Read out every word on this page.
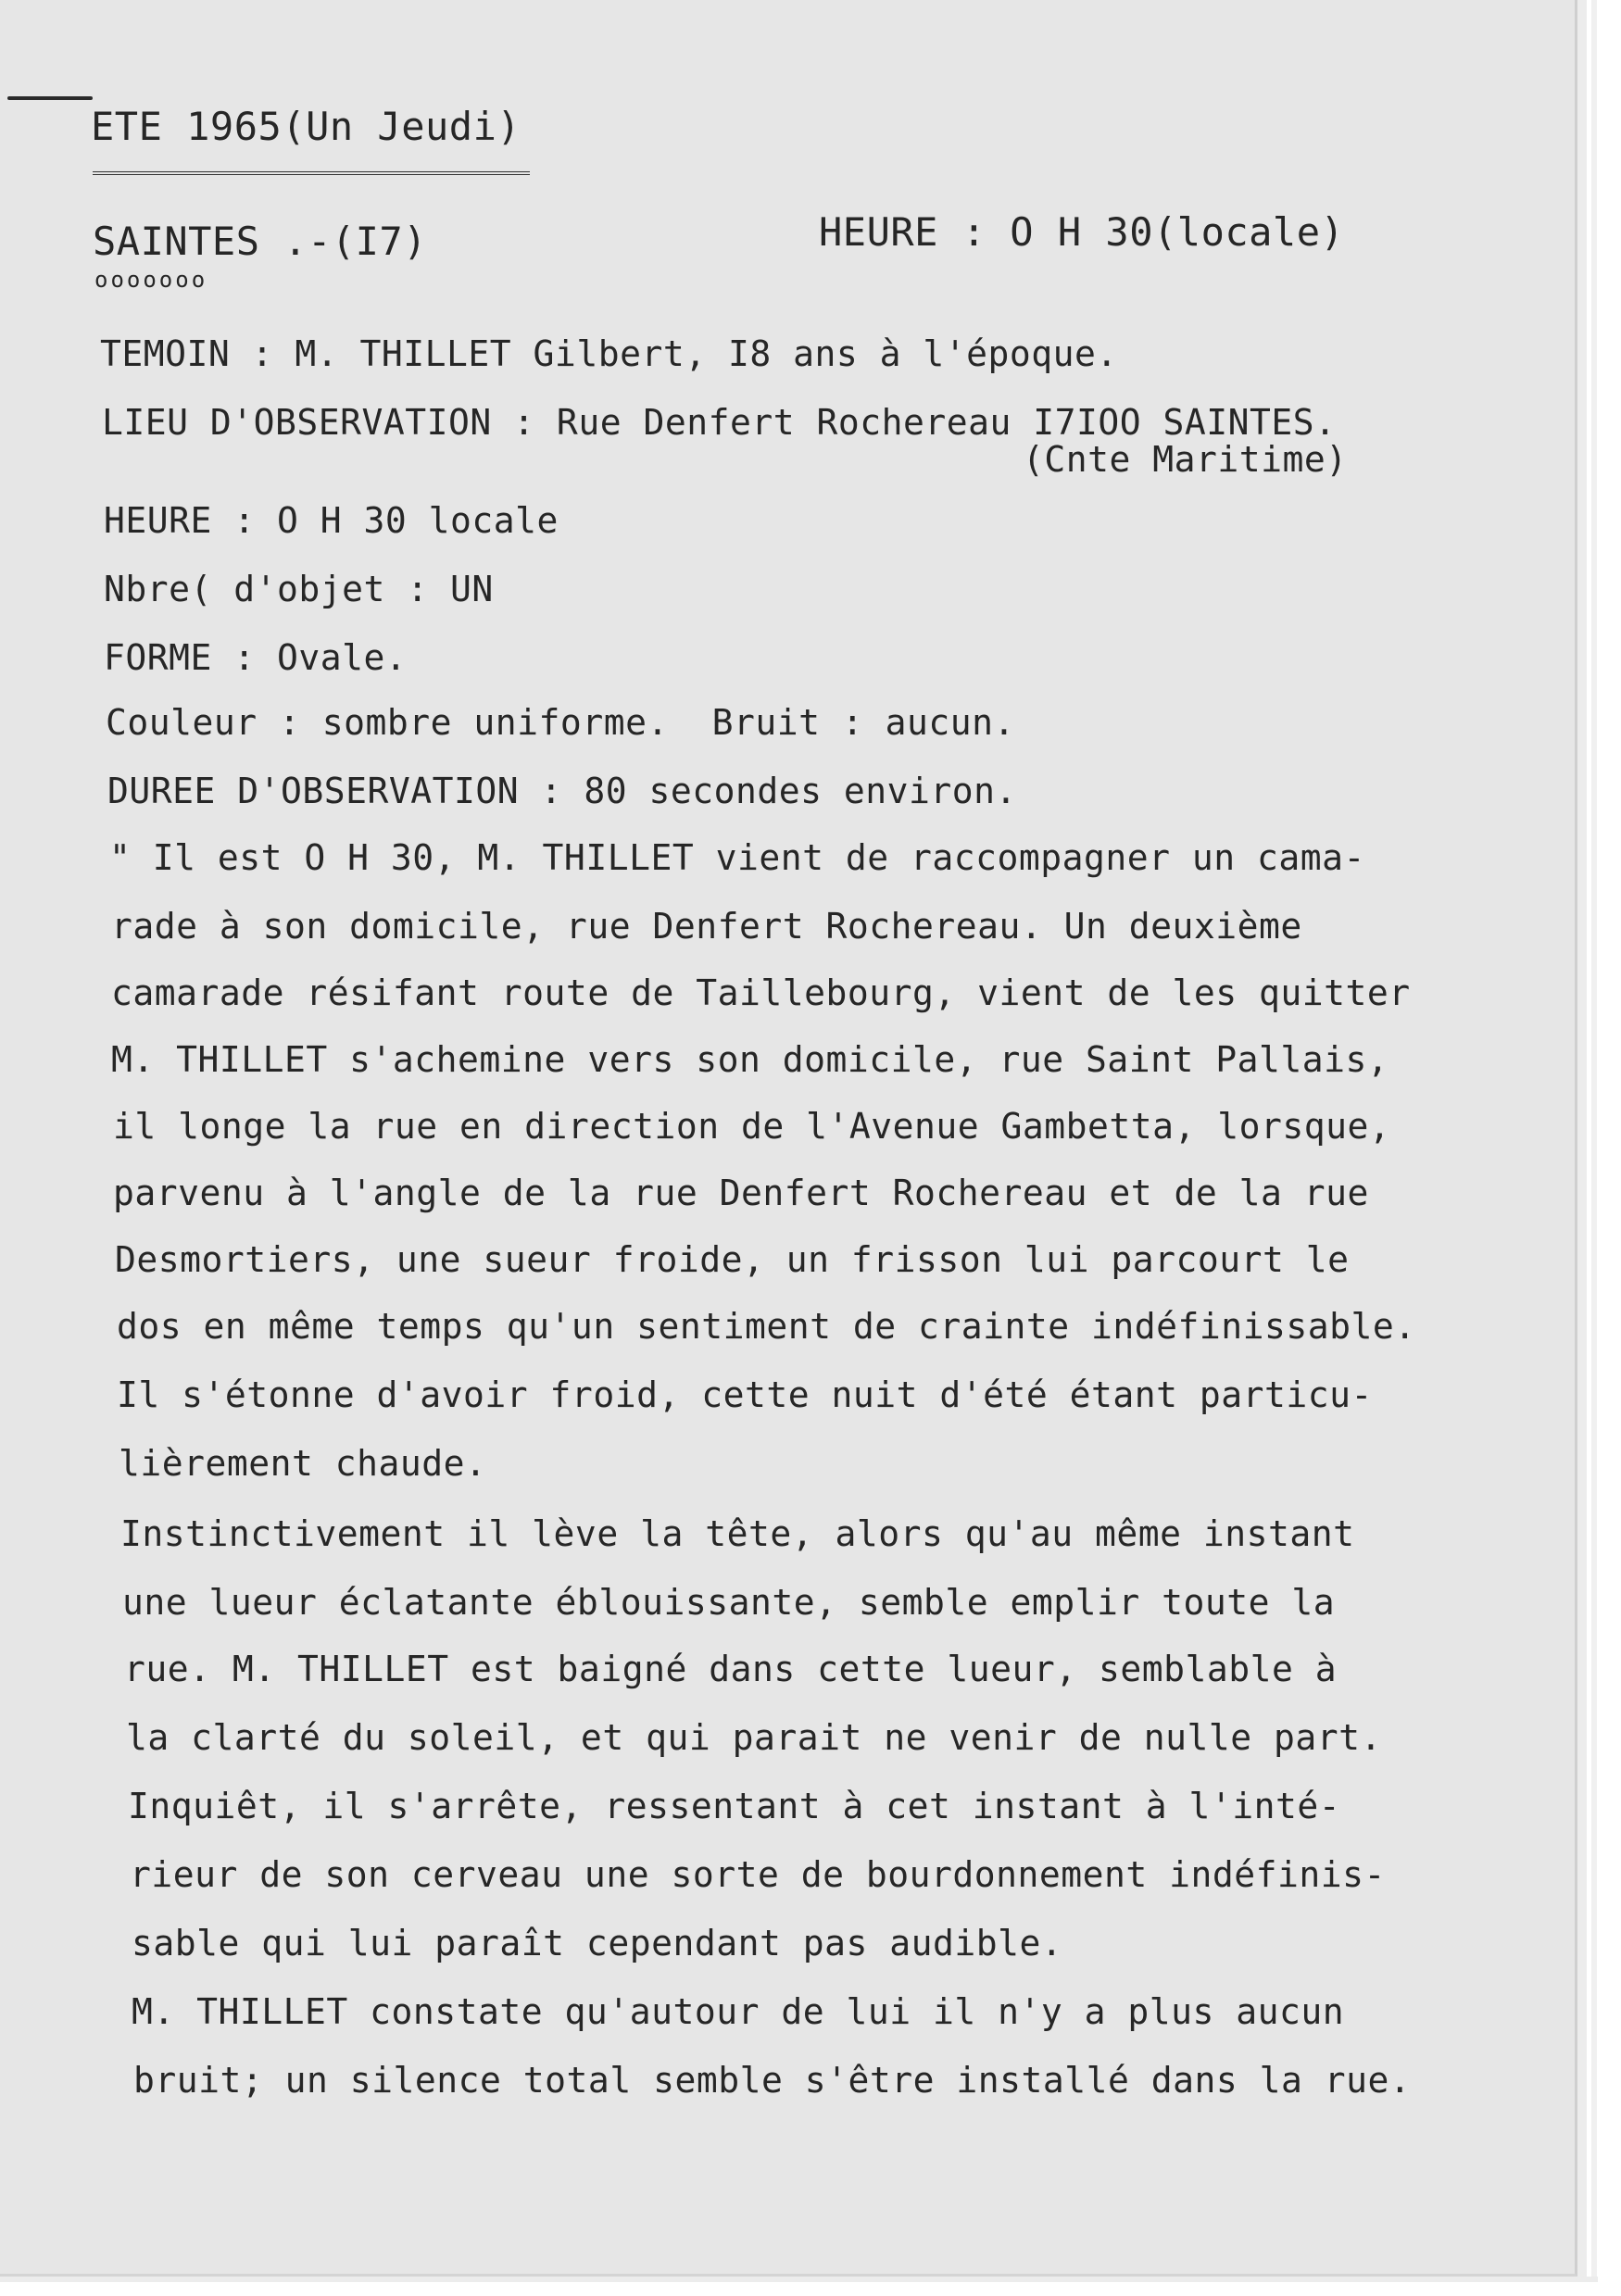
ETE 1965(Un Jeudi)
SAINTES .-(I7)
ooooooo
HEURE : O H 30(locale)
TEMOIN : M. THILLET Gilbert, I8 ans à l'époque.
LIEU D'OBSERVATION : Rue Denfert Rochereau I7IOO SAINTES.
(Cnte Maritime)
HEURE : O H 30 locale
Nbre( d'objet : UN
FORME : Ovale.
Couleur : sombre uniforme.  Bruit : aucun.
DUREE D'OBSERVATION : 80 secondes environ.
" Il est O H 30, M. THILLET vient de raccompagner un cama-
rade à son domicile, rue Denfert Rochereau. Un deuxième
camarade résifant route de Taillebourg, vient de les quitter
M. THILLET s'achemine vers son domicile, rue Saint Pallais,
il longe la rue en direction de l'Avenue Gambetta, lorsque,
parvenu à l'angle de la rue Denfert Rochereau et de la rue
Desmortiers, une sueur froide, un frisson lui parcourt le
dos en même temps qu'un sentiment de crainte indéfinissable.
Il s'étonne d'avoir froid, cette nuit d'été étant particu-
lièrement chaude.
Instinctivement il lève la tête, alors qu'au même instant
une lueur éclatante éblouissante, semble emplir toute la
rue. M. THILLET est baigné dans cette lueur, semblable à
la clarté du soleil, et qui parait ne venir de nulle part.
Inquiêt, il s'arrête, ressentant à cet instant à l'inté-
rieur de son cerveau une sorte de bourdonnement indéfinis-
sable qui lui paraît cependant pas audible.
M. THILLET constate qu'autour de lui il n'y a plus aucun
bruit; un silence total semble s'être installé dans la rue.
